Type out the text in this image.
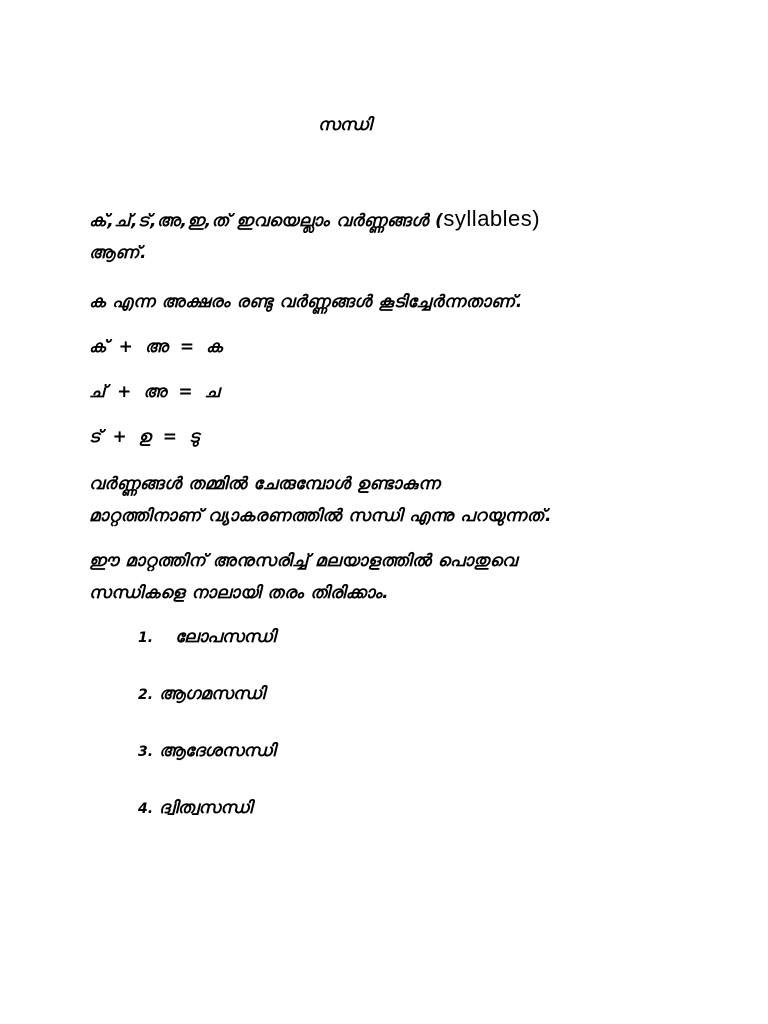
സന്ധി
ക്,ച്,ട്,അ,ഇ,ത് ഇവയെല്ലാം വർണ്ണങ്ങൾ (syllables)
ആണ്.
ക എന്ന അക്ഷരം രണ്ടു വർണ്ണങ്ങൾ കൂടിച്ചേർന്നതാണ്.
ക് + അ = ക
ച് + അ = ച
ട് + ഉ = ടു
വർണ്ണങ്ങൾ തമ്മിൽ ചേരുമ്പോൾ ഉണ്ടാകുന്ന
മാറ്റത്തിനാണ് വ്യാകരണത്തിൽ സന്ധി എന്നു പറയുന്നത്.
ഈ മാറ്റത്തിന് അനുസരിച്ച് മലയാളത്തിൽ പൊതുവെ
സന്ധികളെ നാലായി തരം തിരിക്കാം.
1. ലോപസന്ധി
2. ആഗമസന്ധി
3. ആദേശസന്ധി
4. ദ്വിത്വസന്ധി
